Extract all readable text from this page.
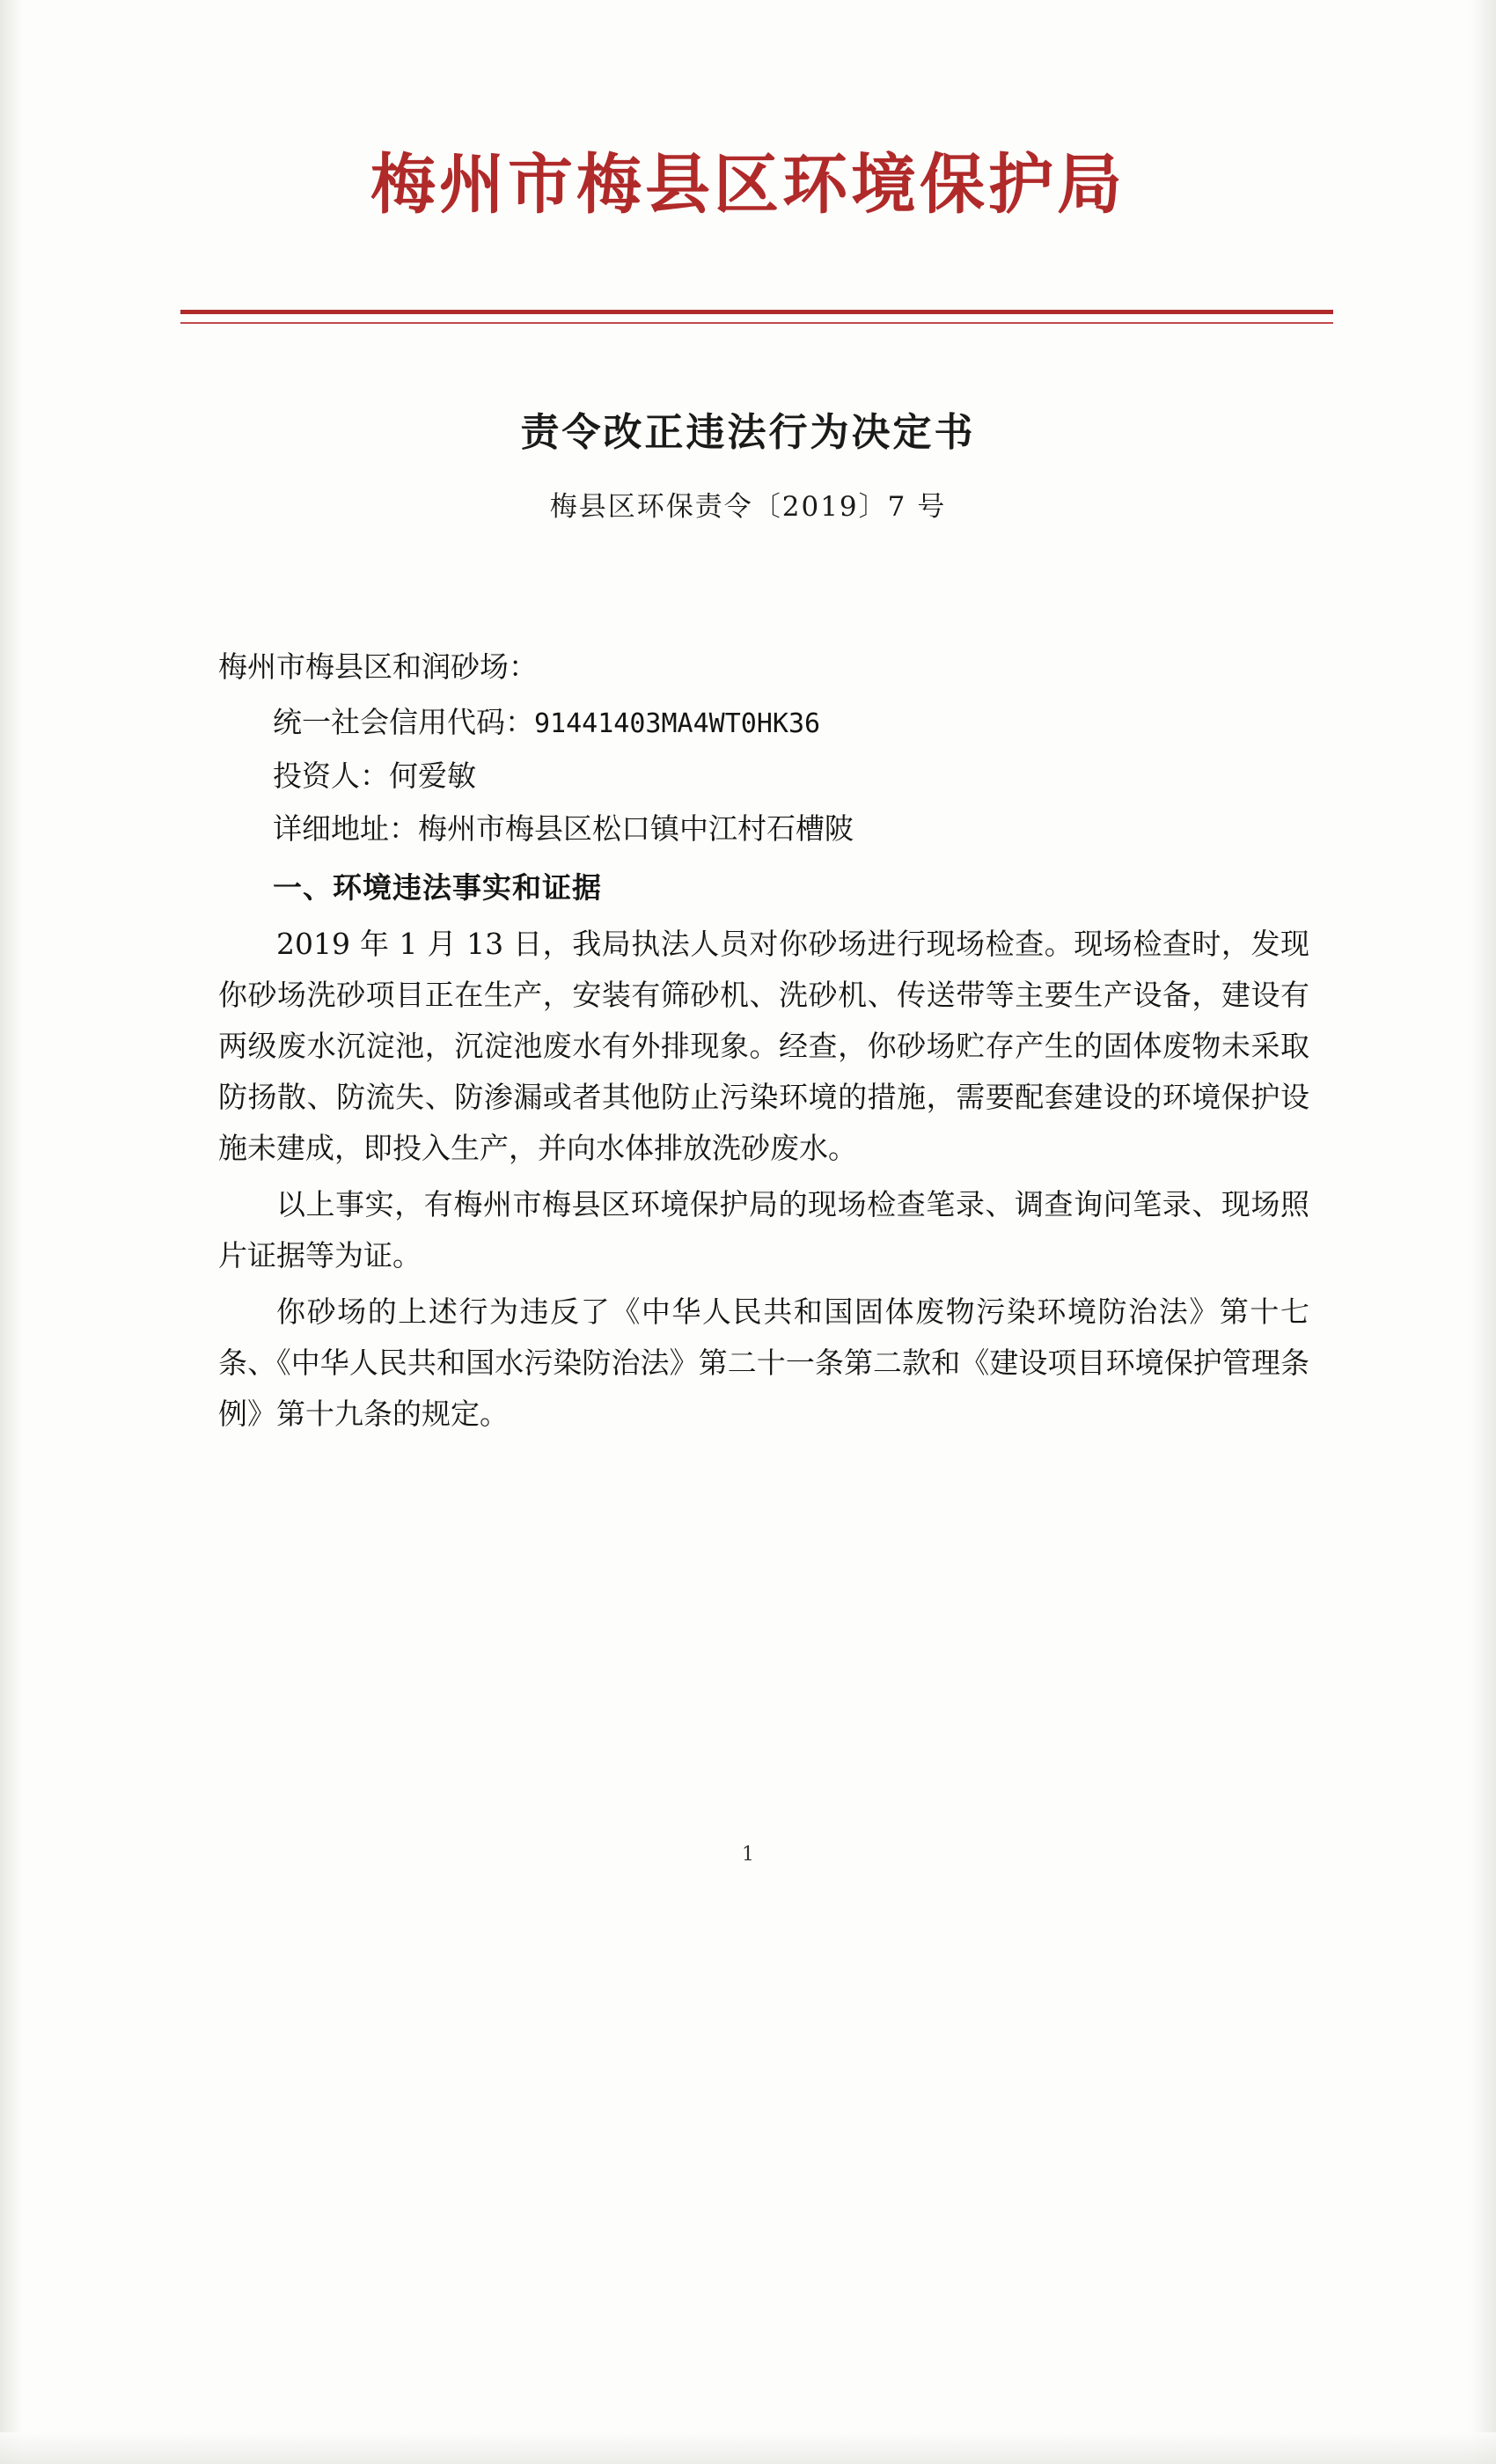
梅州市梅县区环境保护局
责令改正违法行为决定书
梅县区环保责令〔2019〕7 号
梅州市梅县区和润砂场：
统一社会信用代码：91441403MA4WT0HK36
投资人：何爱敏
详细地址：梅州市梅县区松口镇中江村石槽陂
一、环境违法事实和证据
2019 年 1 月 13 日，我局执法人员对你砂场进行现场检查。现场检查时，发现你砂场洗砂项目正在生产，安装有筛砂机、洗砂机、传送带等主要生产设备，建设有两级废水沉淀池，沉淀池废水有外排现象。经查，你砂场贮存产生的固体废物未采取防扬散、防流失、防渗漏或者其他防止污染环境的措施，需要配套建设的环境保护设施未建成，即投入生产，并向水体排放洗砂废水。
以上事实，有梅州市梅县区环境保护局的现场检查笔录、调查询问笔录、现场照片证据等为证。
你砂场的上述行为违反了《中华人民共和国固体废物污染环境防治法》第十七条、《中华人民共和国水污染防治法》第二十一条第二款和《建设项目环境保护管理条例》第十九条的规定。
1
